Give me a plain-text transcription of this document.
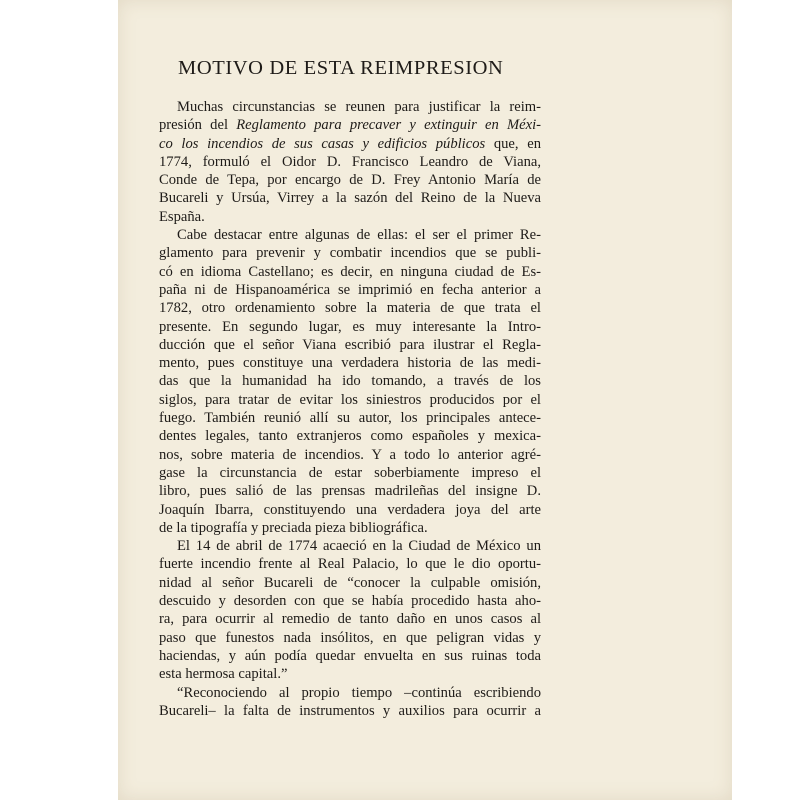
MOTIVO DE ESTA REIMPRESION

Muchas circunstancias se reunen para justificar la reim-
presión del Reglamento para precaver y extinguir en Méxi-
co los incendios de sus casas y edificios públicos que, en
1774, formuló el Oidor D. Francisco Leandro de Viana,
Conde de Tepa, por encargo de D. Frey Antonio María de
Bucareli y Ursúa, Virrey a la sazón del Reino de la Nueva
España.

Cabe destacar entre algunas de ellas: el ser el primer Re-
glamento para prevenir y combatir incendios que se publi-
có en idioma Castellano; es decir, en ninguna ciudad de Es-
paña ni de Hispanoamérica se imprimió en fecha anterior a
1782, otro ordenamiento sobre la materia de que trata el
presente. En segundo lugar, es muy interesante la Intro-
ducción que el señor Viana escribió para ilustrar el Regla-
mento, pues constituye una verdadera historia de las medi-
das que la humanidad ha ido tomando, a través de los
siglos, para tratar de evitar los siniestros producidos por el
fuego. También reunió allí su autor, los principales antece-
dentes legales, tanto extranjeros como españoles y mexica-
nos, sobre materia de incendios. Y a todo lo anterior agré-
gase la circunstancia de estar soberbiamente impreso el
libro, pues salió de las prensas madrileñas del insigne D.
Joaquín Ibarra, constituyendo una verdadera joya del arte
de la tipografía y preciada pieza bibliográfica.

El 14 de abril de 1774 acaeció en la Ciudad de México un
fuerte incendio frente al Real Palacio, lo que le dio oportu-
nidad al señor Bucareli de “conocer la culpable omisión,
descuido y desorden con que se había procedido hasta aho-
ra, para ocurrir al remedio de tanto daño en unos casos al
paso que funestos nada insólitos, en que peligran vidas y
haciendas, y aún podía quedar envuelta en sus ruinas toda
esta hermosa capital.”

“Reconociendo al propio tiempo –continúa escribiendo
Bucareli– la falta de instrumentos y auxilios para ocurrir a
